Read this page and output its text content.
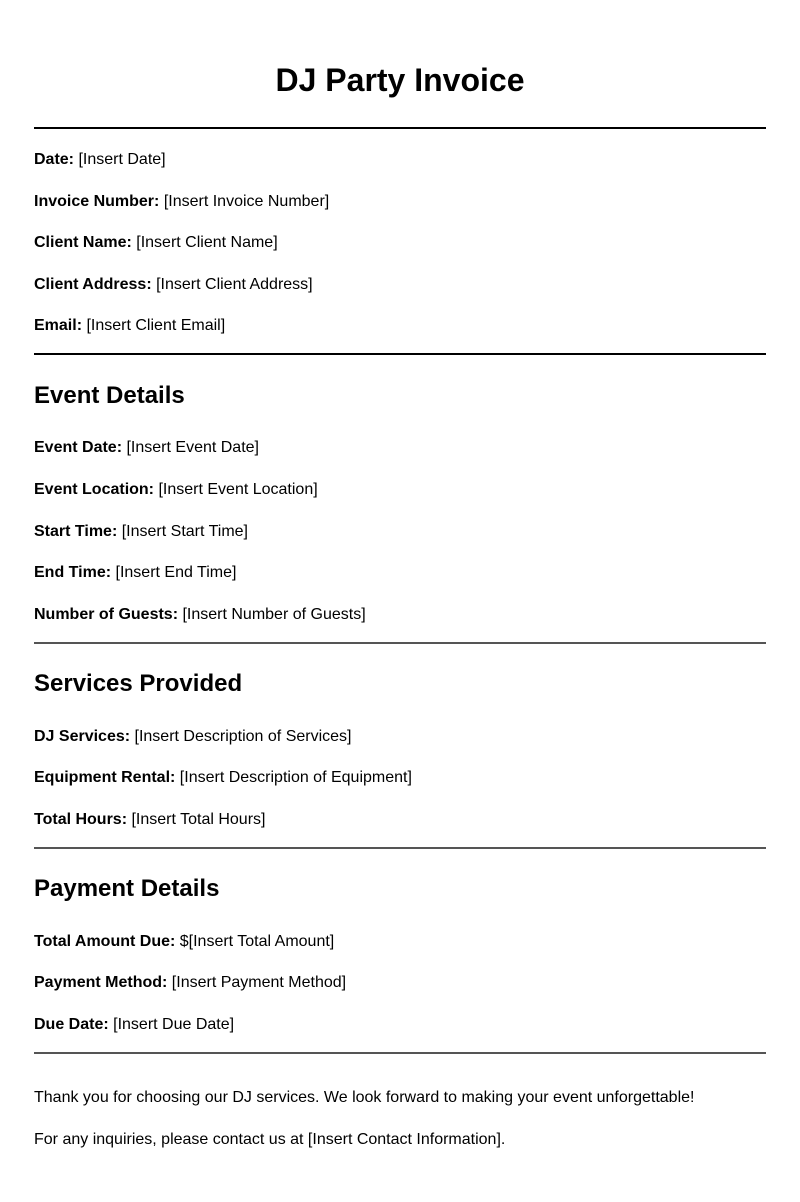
DJ Party Invoice
Date: [Insert Date]
Invoice Number: [Insert Invoice Number]
Client Name: [Insert Client Name]
Client Address: [Insert Client Address]
Email: [Insert Client Email]
Event Details
Event Date: [Insert Event Date]
Event Location: [Insert Event Location]
Start Time: [Insert Start Time]
End Time: [Insert End Time]
Number of Guests: [Insert Number of Guests]
Services Provided
DJ Services: [Insert Description of Services]
Equipment Rental: [Insert Description of Equipment]
Total Hours: [Insert Total Hours]
Payment Details
Total Amount Due: $[Insert Total Amount]
Payment Method: [Insert Payment Method]
Due Date: [Insert Due Date]

Thank you for choosing our DJ services. We look forward to making your event unforgettable!

For any inquiries, please contact us at [Insert Contact Information].
